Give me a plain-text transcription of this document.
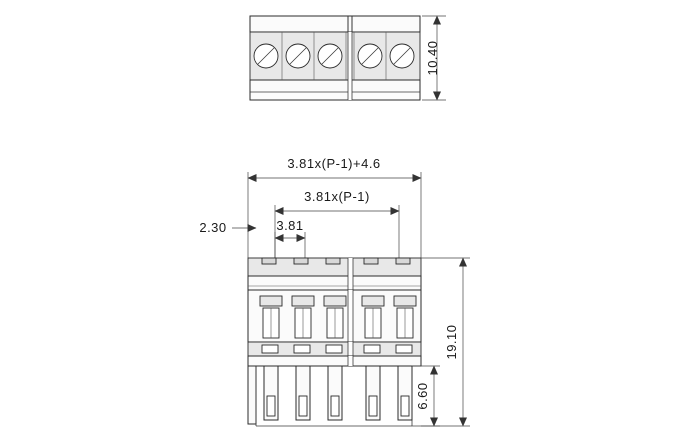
10.40
3.81x(P-1)+4.6
3.81x(P-1)
3.81
2.30
19.10
6.60
